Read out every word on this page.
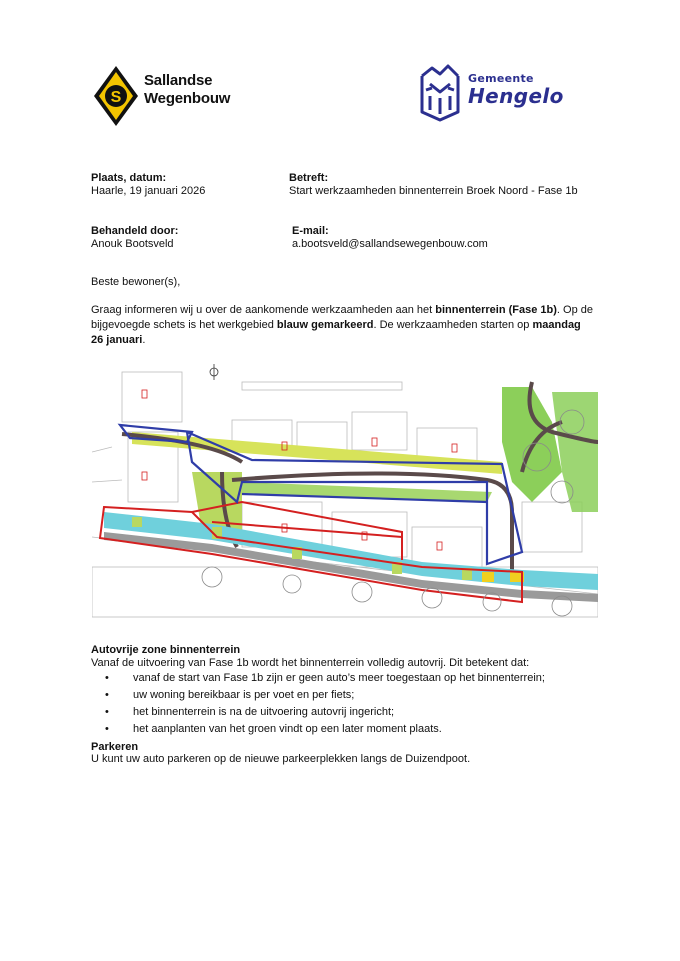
S
Sallandse
Wegenbouw
Gemeente
Hengelo
Plaats, datum:
Haarle, 19 januari 2026
Betreft:
Start werkzaamheden binnenterrein Broek Noord - Fase 1b
Behandeld door:
Anouk Bootsveld
E-mail:
a.bootsveld@sallandsewegenbouw.com
Beste bewoner(s),
Graag informeren wij u over de aankomende werkzaamheden aan het binnenterrein (Fase 1b). Op de bijgevoegde schets is het werkgebied blauw gemarkeerd. De werkzaamheden starten op maandag 26 januari.
Autovrije zone binnenterrein
Vanaf de uitvoering van Fase 1b wordt het binnenterrein volledig autovrij. Dit betekent dat:
• vanaf de start van Fase 1b zijn er geen auto’s meer toegestaan op het binnenterrein;
• uw woning bereikbaar is per voet en per fiets;
• het binnenterrein is na de uitvoering autovrij ingericht;
• het aanplanten van het groen vindt op een later moment plaats.
Parkeren
U kunt uw auto parkeren op de nieuwe parkeerplekken langs de Duizendpoot.
